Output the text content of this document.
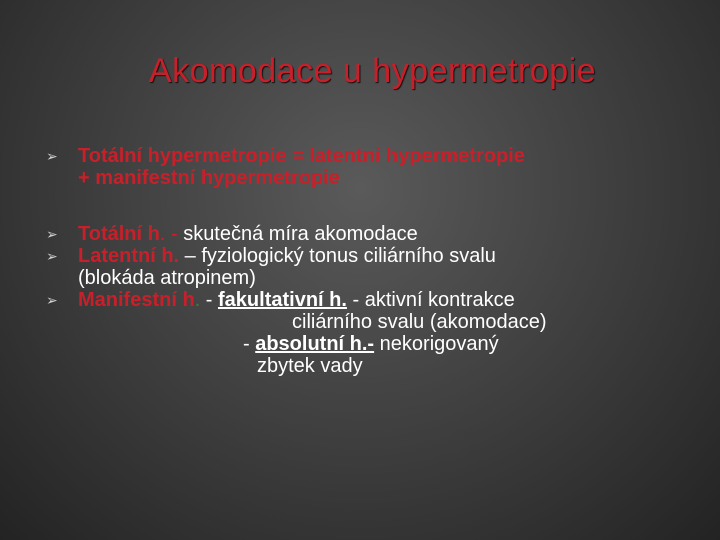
Akomodace u hypermetropie
➢ Totální hypermetropie = latentní hypermetropie
+ manifestní hypermetropie
➢ Totální h. - skutečná míra akomodace
➢ Latentní h. – fyziologický tonus ciliárního svalu
(blokáda atropinem)
➢ Manifestní h. - fakultativní h. - aktivní kontrakce
ciliárního svalu (akomodace)
- absolutní h.- nekorigovaný
zbytek vady
